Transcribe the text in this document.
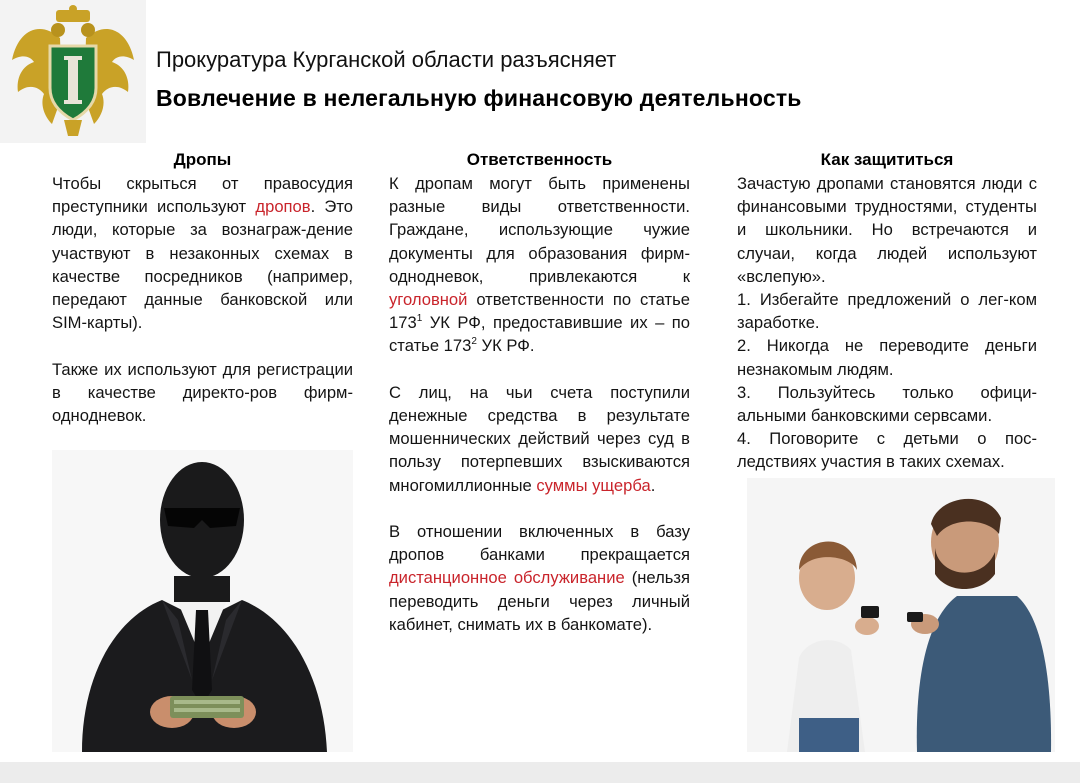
Прокуратура Курганской области разъясняет
Вовлечение в нелегальную финансовую деятельность
Дропы

Чтобы скрыться от правосудия преступники используют дропов. Это люди, которые за вознаграж-дение участвуют в незаконных схемах в качестве посредников (например, передают данные банковской или SIM-карты).

Также их используют для регистрации в качестве директо-ров фирм-однодневок.

Ответственность

К дропам могут быть применены разные виды ответственности. Граждане, использующие чужие документы для образования фирм-однодневок, привлекаются к уголовной ответственности по статье $173^1$ УК РФ, предоставившие их – по статье $173^2$ УК РФ.

С лиц, на чьи счета поступили денежные средства в результате мошеннических действий через суд в пользу потерпевших взыскиваются многомиллионные суммы ущерба.

В отношении включенных в базу дропов банками прекращается дистанционное обслуживание (нельзя переводить деньги через личный кабинет, снимать их в банкомате).

Как защититься

Зачастую дропами становятся люди с финансовыми трудностями, студенты и школьники. Но встречаются и случаи, когда людей используют «вслепую».

1. Избегайте предложений о лег-ком заработке.

2. Никогда не переводите деньги незнакомым людям.

3. Пользуйтесь только офици-альными банковскими сервсами.

4. Поговорите с детьми о пос-ледствиях участия в таких схемах.
